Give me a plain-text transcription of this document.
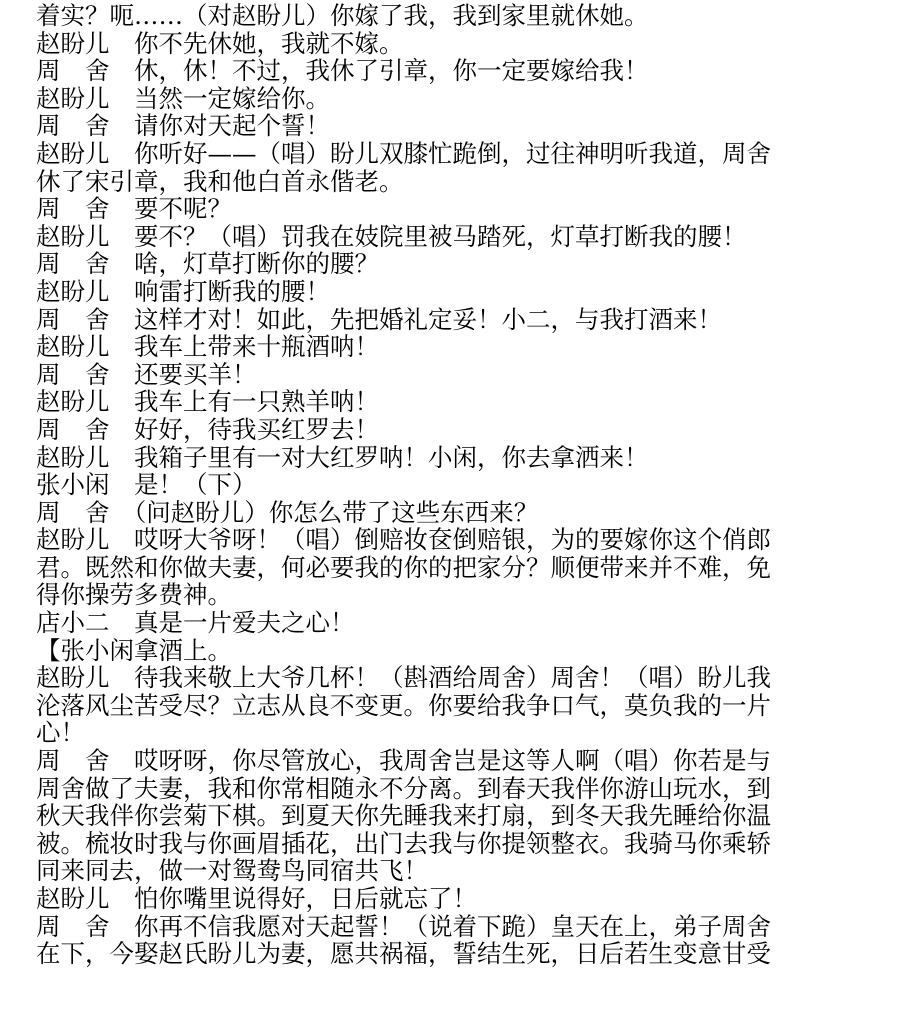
着实？呃……（对赵盼儿）你嫁了我，我到家里就休她。
赵盼儿　你不先休她，我就不嫁。
周　舍　休，休！不过，我休了引章，你一定要嫁给我！
赵盼儿　当然一定嫁给你。
周　舍　请你对天起个誓！
赵盼儿　你听好——（唱）盼儿双膝忙跪倒，过往神明听我道，周舍
休了宋引章，我和他白首永偕老。
周　舍　要不呢？
赵盼儿　要不？（唱）罚我在妓院里被马踏死，灯草打断我的腰！
周　舍　啥，灯草打断你的腰？
赵盼儿　响雷打断我的腰！
周　舍　这样才对！如此，先把婚礼定妥！小二，与我打酒来！
赵盼儿　我车上带来十瓶酒呐！
周　舍　还要买羊！
赵盼儿　我车上有一只熟羊呐！
周　舍　好好，待我买红罗去！
赵盼儿　我箱子里有一对大红罗呐！小闲，你去拿洒来！
张小闲　是！（下）
周　舍　（问赵盼儿）你怎么带了这些东西来？
赵盼儿　哎呀大爷呀！（唱）倒赔妆奁倒赔银，为的要嫁你这个俏郎
君。既然和你做夫妻，何必要我的你的把家分？顺便带来并不难，免
得你操劳多费神。
店小二　真是一片爱夫之心！
【张小闲拿酒上。
赵盼儿　待我来敬上大爷几杯！（斟酒给周舍）周舍！（唱）盼儿我
沦落风尘苦受尽？立志从良不变更。你要给我争口气，莫负我的一片
心！
周　舍　哎呀呀，你尽管放心，我周舍岂是这等人啊（唱）你若是与
周舍做了夫妻，我和你常相随永不分离。到春天我伴你游山玩水，到
秋天我伴你尝菊下棋。到夏天你先睡我来打扇，到冬天我先睡给你温
被。梳妆时我与你画眉插花，出门去我与你提领整衣。我骑马你乘轿
同来同去，做一对鸳鸯鸟同宿共飞！
赵盼儿　怕你嘴里说得好，日后就忘了！
周　舍　你再不信我愿对天起誓！（说着下跪）皇天在上，弟子周舍
在下，今娶赵氏盼儿为妻，愿共祸福，誓结生死，日后若生变意甘受
